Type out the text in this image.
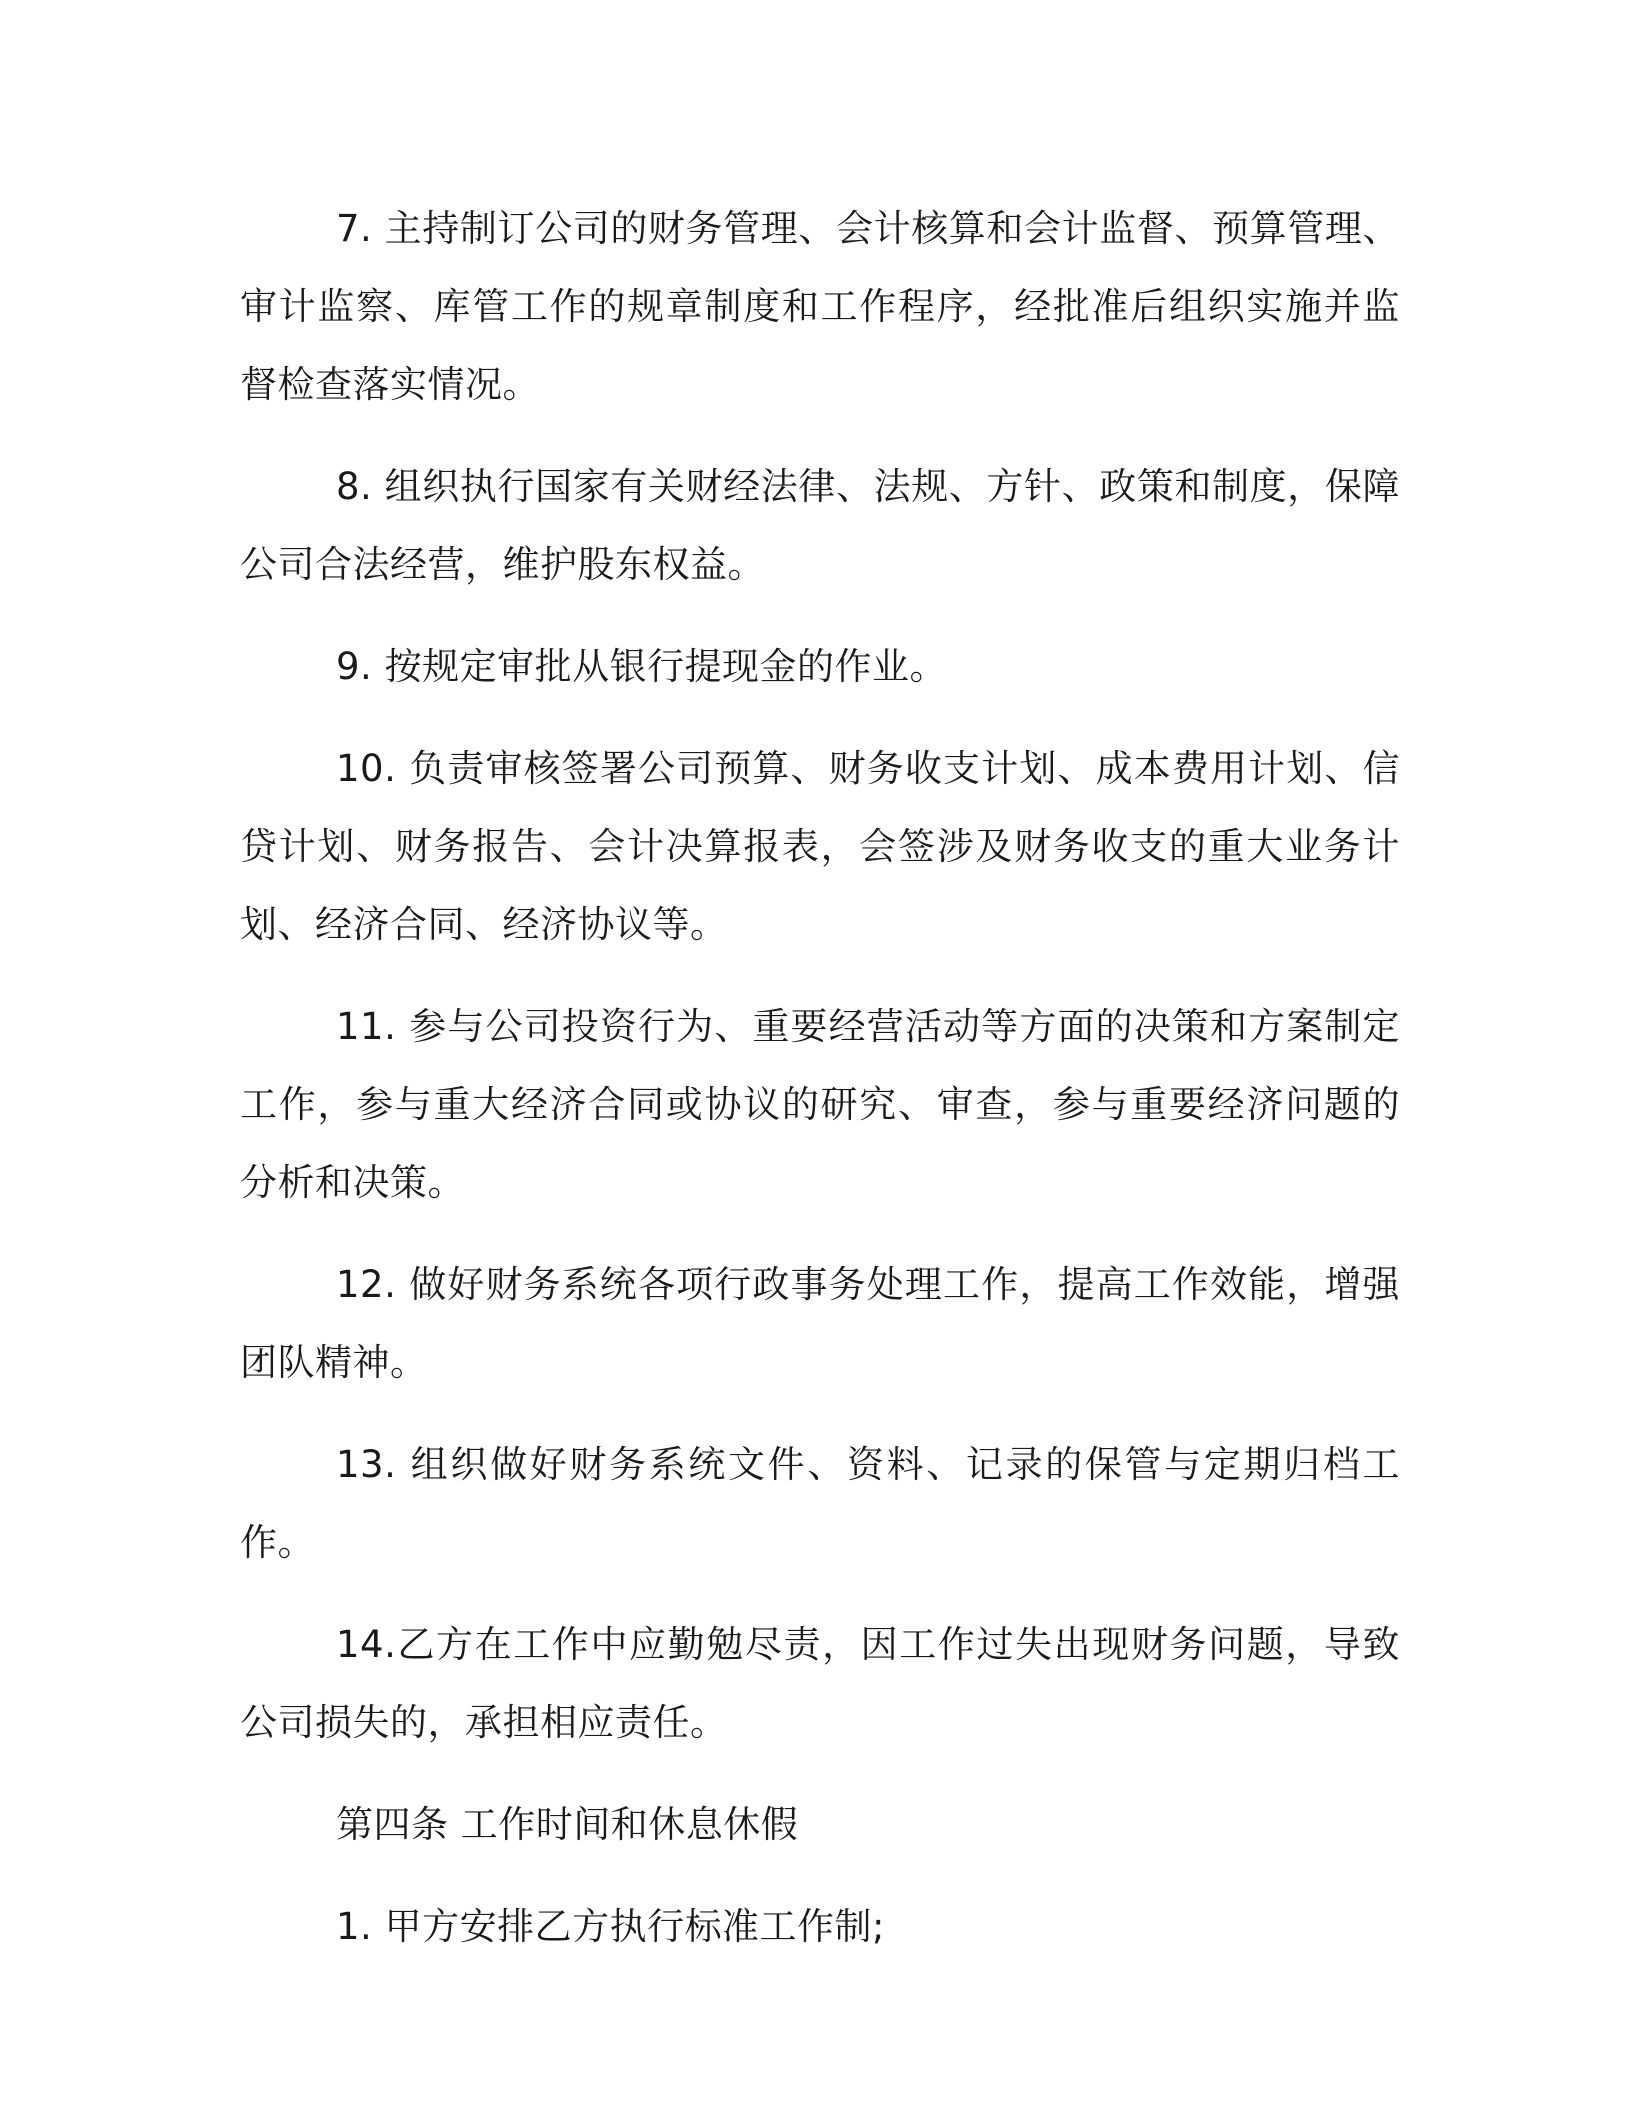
7. 主持制订公司的财务管理、会计核算和会计监督、预算管理、审计监察、库管工作的规章制度和工作程序，经批准后组织实施并监督检查落实情况。

8. 组织执行国家有关财经法律、法规、方针、政策和制度，保障公司合法经营，维护股东权益。

9. 按规定审批从银行提现金的作业。

10. 负责审核签署公司预算、财务收支计划、成本费用计划、信贷计划、财务报告、会计决算报表，会签涉及财务收支的重大业务计划、经济合同、经济协议等。

11. 参与公司投资行为、重要经营活动等方面的决策和方案制定工作，参与重大经济合同或协议的研究、审查，参与重要经济问题的分析和决策。

12. 做好财务系统各项行政事务处理工作，提高工作效能，增强团队精神。

13. 组织做好财务系统文件、资料、记录的保管与定期归档工作。

14.乙方在工作中应勤勉尽责，因工作过失出现财务问题，导致公司损失的，承担相应责任。

第四条 工作时间和休息休假

1. 甲方安排乙方执行标准工作制;
